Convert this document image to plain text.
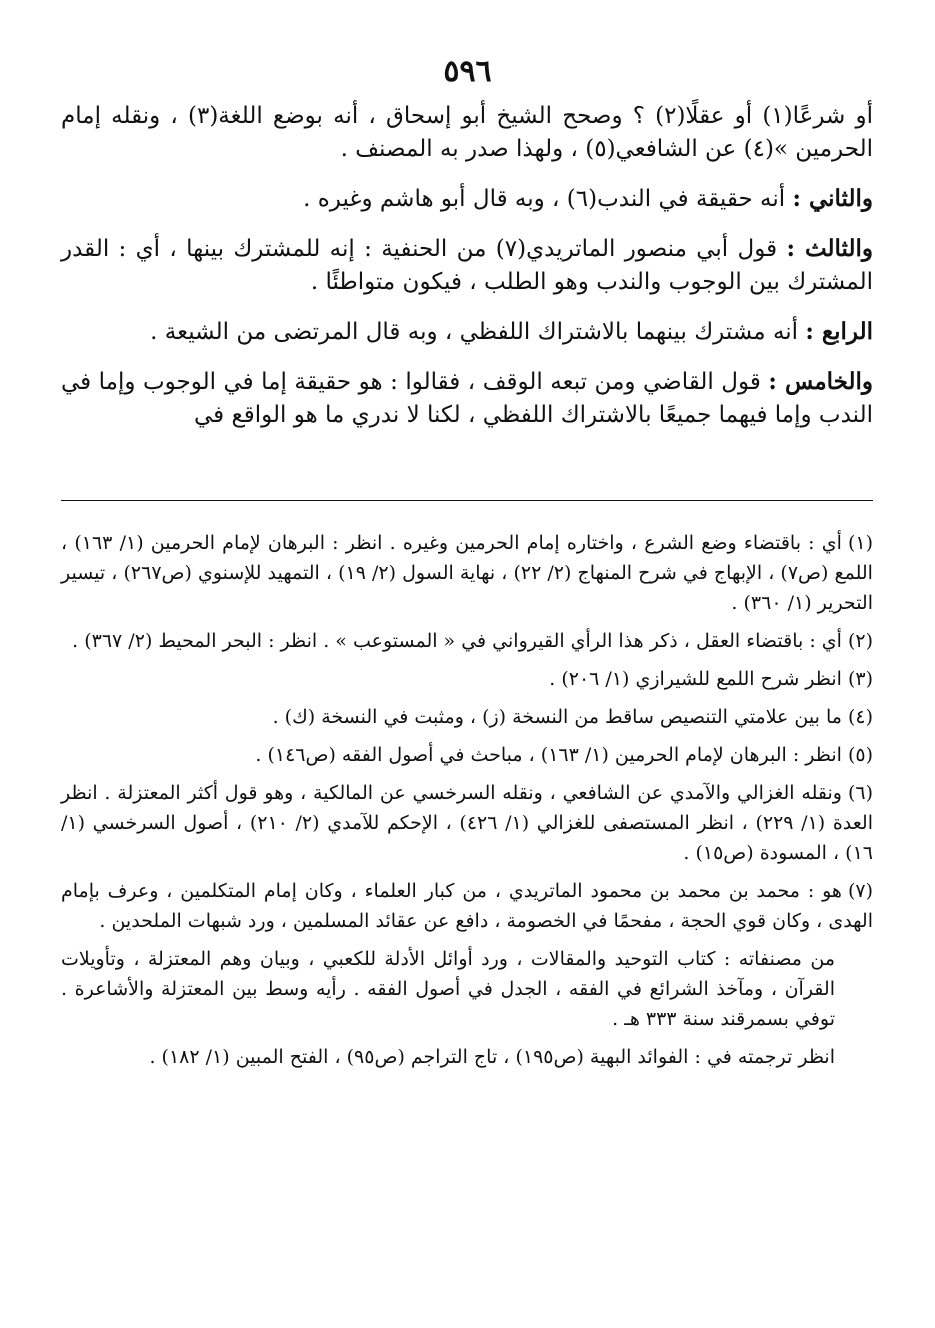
٥٩٦

أو شرعًا(١) أو عقلًا(٢) ؟ وصحح الشيخ أبو إسحاق ، أنه بوضع اللغة(٣) ، ونقله إمام الحرمين »(٤) عن الشافعي(٥) ، ولهذا صدر به المصنف .

والثاني : أنه حقيقة في الندب(٦) ، وبه قال أبو هاشم وغيره .

والثالث : قول أبي منصور الماتريدي(٧) من الحنفية : إنه للمشترك بينها ، أي : القدر المشترك بين الوجوب والندب وهو الطلب ، فيكون متواطئًا .

الرابع : أنه مشترك بينهما بالاشتراك اللفظي ، وبه قال المرتضى من الشيعة .

والخامس : قول القاضي ومن تبعه الوقف ، فقالوا : هو حقيقة إما في الوجوب وإما في الندب وإما فيهما جميعًا بالاشتراك اللفظي ، لكنا لا ندري ما هو الواقع في

(١)أي : باقتضاء وضع الشرع ، واختاره إمام الحرمين وغيره . انظر : البرهان لإمام الحرمين (١/ ١٦٣) ، اللمع (ص٧) ، الإبهاج في شرح المنهاج (٢/ ٢٢) ، نهاية السول (٢/ ١٩) ، التمهيد للإسنوي (ص٢٦٧) ، تيسير التحرير (١/ ٣٦٠) .

(٢)أي : باقتضاء العقل ، ذكر هذا الرأي القيرواني في « المستوعب » . انظر : البحر المحيط (٢/ ٣٦٧) .

(٣)انظر شرح اللمع للشيرازي (١/ ٢٠٦) .

(٤)ما بين علامتي التنصيص ساقط من النسخة (ز) ، ومثبت في النسخة (ك) .

(٥)انظر : البرهان لإمام الحرمين (١/ ١٦٣) ، مباحث في أصول الفقه (ص١٤٦) .

(٦)ونقله الغزالي والآمدي عن الشافعي ، ونقله السرخسي عن المالكية ، وهو قول أكثر المعتزلة . انظر العدة (١/ ٢٢٩) ، انظر المستصفى للغزالي (١/ ٤٢٦) ، الإحكم للآمدي (٢/ ٢١٠) ، أصول السرخسي (١/ ١٦) ، المسودة (ص١٥) .

(٧)هو : محمد بن محمد بن محمود الماتريدي ، من كبار العلماء ، وكان إمام المتكلمين ، وعرف بإمام الهدى ، وكان قوي الحجة ، مفحمًا في الخصومة ، دافع عن عقائد المسلمين ، ورد شبهات الملحدين .

من مصنفاته : كتاب التوحيد والمقالات ، ورد أوائل الأدلة للكعبي ، وبيان وهم المعتزلة ، وتأويلات القرآن ، ومآخذ الشرائع في الفقه ، الجدل في أصول الفقه . رأيه وسط بين المعتزلة والأشاعرة . توفي بسمرقند سنة ٣٣٣ هـ .

انظر ترجمته في : الفوائد البهية (ص١٩٥) ، تاج التراجم (ص٩٥) ، الفتح المبين (١/ ١٨٢) .
